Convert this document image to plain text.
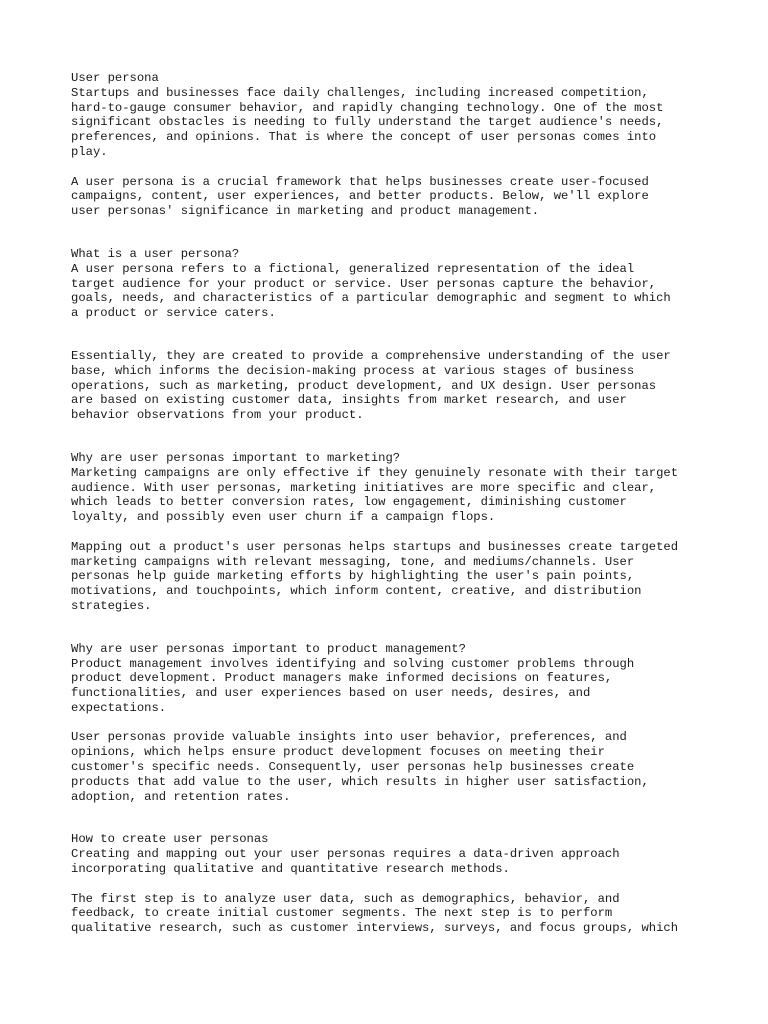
User persona
Startups and businesses face daily challenges, including increased competition,
hard-to-gauge consumer behavior, and rapidly changing technology. One of the most
significant obstacles is needing to fully understand the target audience's needs,
preferences, and opinions. That is where the concept of user personas comes into
play.
A user persona is a crucial framework that helps businesses create user-focused
campaigns, content, user experiences, and better products. Below, we'll explore
user personas' significance in marketing and product management.
What is a user persona?
A user persona refers to a fictional, generalized representation of the ideal
target audience for your product or service. User personas capture the behavior,
goals, needs, and characteristics of a particular demographic and segment to which
a product or service caters.
Essentially, they are created to provide a comprehensive understanding of the user
base, which informs the decision-making process at various stages of business
operations, such as marketing, product development, and UX design. User personas
are based on existing customer data, insights from market research, and user
behavior observations from your product.
Why are user personas important to marketing?
Marketing campaigns are only effective if they genuinely resonate with their target
audience. With user personas, marketing initiatives are more specific and clear,
which leads to better conversion rates, low engagement, diminishing customer
loyalty, and possibly even user churn if a campaign flops.
Mapping out a product's user personas helps startups and businesses create targeted
marketing campaigns with relevant messaging, tone, and mediums/channels. User
personas help guide marketing efforts by highlighting the user's pain points,
motivations, and touchpoints, which inform content, creative, and distribution
strategies.
Why are user personas important to product management?
Product management involves identifying and solving customer problems through
product development. Product managers make informed decisions on features,
functionalities, and user experiences based on user needs, desires, and
expectations.
User personas provide valuable insights into user behavior, preferences, and
opinions, which helps ensure product development focuses on meeting their
customer's specific needs. Consequently, user personas help businesses create
products that add value to the user, which results in higher user satisfaction,
adoption, and retention rates.
How to create user personas
Creating and mapping out your user personas requires a data-driven approach
incorporating qualitative and quantitative research methods.
The first step is to analyze user data, such as demographics, behavior, and
feedback, to create initial customer segments. The next step is to perform
qualitative research, such as customer interviews, surveys, and focus groups, which
